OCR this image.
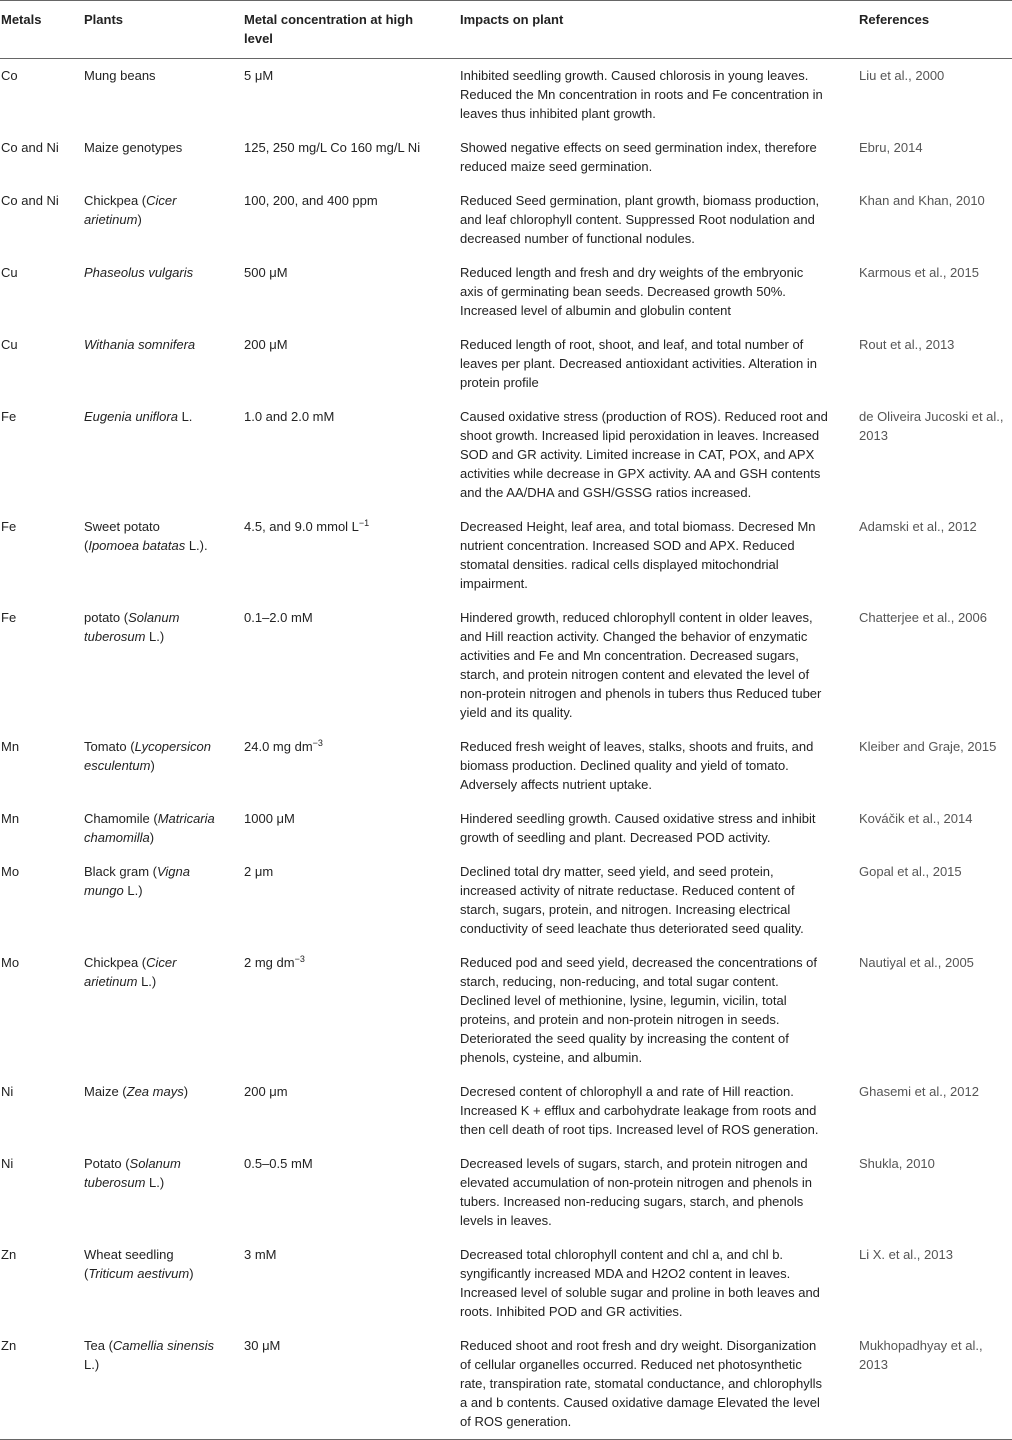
Metals	Plants	Metal concentration at high level	Impacts on plant	References
Co	Mung beans	5 μM	Inhibited seedling growth. Caused chlorosis in young leaves. Reduced the Mn concentration in roots and Fe concentration in leaves thus inhibited plant growth.	Liu et al., 2000
Co and Ni	Maize genotypes	125, 250 mg/L Co 160 mg/L Ni	Showed negative effects on seed germination index, therefore reduced maize seed germination.	Ebru, 2014
Co and Ni	Chickpea (Cicer arietinum)	100, 200, and 400 ppm	Reduced Seed germination, plant growth, biomass production, and leaf chlorophyll content. Suppressed Root nodulation and decreased number of functional nodules.	Khan and Khan, 2010
Cu	Phaseolus vulgaris	500 μM	Reduced length and fresh and dry weights of the embryonic axis of germinating bean seeds. Decreased growth 50%. Increased level of albumin and globulin content	Karmous et al., 2015
Cu	Withania somnifera	200 μM	Reduced length of root, shoot, and leaf, and total number of leaves per plant. Decreased antioxidant activities. Alteration in protein profile	Rout et al., 2013
Fe	Eugenia uniflora L.	1.0 and 2.0 mM	Caused oxidative stress (production of ROS). Reduced root and shoot growth. Increased lipid peroxidation in leaves. Increased SOD and GR activity. Limited increase in CAT, POX, and APX activities while decrease in GPX activity. AA and GSH contents and the AA/DHA and GSH/GSSG ratios increased.	de Oliveira Jucoski et al., 2013
Fe	Sweet potato (Ipomoea batatas L.).	4.5, and 9.0 mmol $L^{-1}$	Decreased Height, leaf area, and total biomass. Decresed Mn nutrient concentration. Increased SOD and APX. Reduced stomatal densities. radical cells displayed mitochondrial impairment.	Adamski et al., 2012
Fe	potato (Solanum tuberosum L.)	0.1–2.0 mM	Hindered growth, reduced chlorophyll content in older leaves, and Hill reaction activity. Changed the behavior of enzymatic activities and Fe and Mn concentration. Decreased sugars, starch, and protein nitrogen content and elevated the level of non-protein nitrogen and phenols in tubers thus Reduced tuber yield and its quality.	Chatterjee et al., 2006
Mn	Tomato (Lycopersicon esculentum)	24.0 mg $dm^{-3}$	Reduced fresh weight of leaves, stalks, shoots and fruits, and biomass production. Declined quality and yield of tomato. Adversely affects nutrient uptake.	Kleiber and Graje, 2015
Mn	Chamomile (Matricaria chamomilla)	1000 μM	Hindered seedling growth. Caused oxidative stress and inhibit growth of seedling and plant. Decreased POD activity.	Kováčik et al., 2014
Mo	Black gram (Vigna mungo L.)	2 μm	Declined total dry matter, seed yield, and seed protein, increased activity of nitrate reductase. Reduced content of starch, sugars, protein, and nitrogen. Increasing electrical conductivity of seed leachate thus deteriorated seed quality.	Gopal et al., 2015
Mo	Chickpea (Cicer arietinum L.)	2 mg $dm^{-3}$	Reduced pod and seed yield, decreased the concentrations of starch, reducing, non-reducing, and total sugar content. Declined level of methionine, lysine, legumin, vicilin, total proteins, and protein and non-protein nitrogen in seeds. Deteriorated the seed quality by increasing the content of phenols, cysteine, and albumin.	Nautiyal et al., 2005
Ni	Maize (Zea mays)	200 μm	Decresed content of chlorophyll a and rate of Hill reaction. Increased K + efflux and carbohydrate leakage from roots and then cell death of root tips. Increased level of ROS generation.	Ghasemi et al., 2012
Ni	Potato (Solanum tuberosum L.)	0.5–0.5 mM	Decreased levels of sugars, starch, and protein nitrogen and elevated accumulation of non-protein nitrogen and phenols in tubers. Increased non-reducing sugars, starch, and phenols levels in leaves.	Shukla, 2010
Zn	Wheat seedling (Triticum aestivum)	3 mM	Decreased total chlorophyll content and chl a, and chl b. syngificantly increased MDA and H2O2 content in leaves. Increased level of soluble sugar and proline in both leaves and roots. Inhibited POD and GR activities.	Li X. et al., 2013
Zn	Tea (Camellia sinensis L.)	30 μM	Reduced shoot and root fresh and dry weight. Disorganization of cellular organelles occurred. Reduced net photosynthetic rate, transpiration rate, stomatal conductance, and chlorophylls a and b contents. Caused oxidative damage Elevated the level of ROS generation.	Mukhopadhyay et al., 2013
